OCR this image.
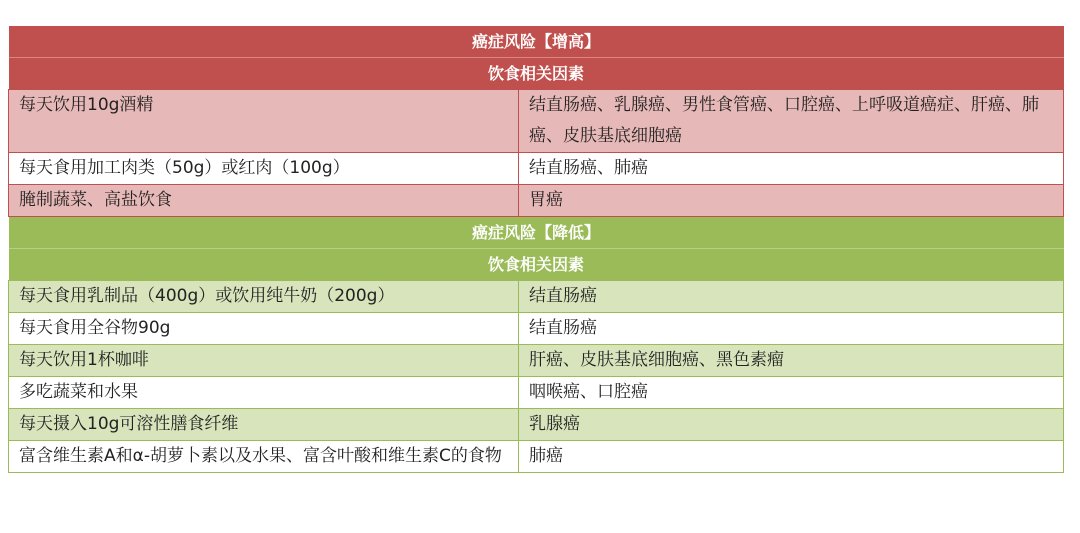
癌症风险【增高】	
饮食相关因素	
每天饮用10g酒精	结直肠癌、乳腺癌、男性食管癌、口腔癌、上呼吸道癌症、肝癌、肺癌、皮肤基底细胞癌
每天食用加工肉类（50g）或红肉（100g）	结直肠癌、肺癌
腌制蔬菜、高盐饮食	胃癌
癌症风险【降低】	
饮食相关因素	
每天食用乳制品（400g）或饮用纯牛奶（200g）	结直肠癌
每天食用全谷物90g	结直肠癌
每天饮用1杯咖啡	肝癌、皮肤基底细胞癌、黑色素瘤
多吃蔬菜和水果	咽喉癌、口腔癌
每天摄入10g可溶性膳食纤维	乳腺癌
富含维生素A和α-胡萝卜素以及水果、富含叶酸和维生素C的食物	肺癌
